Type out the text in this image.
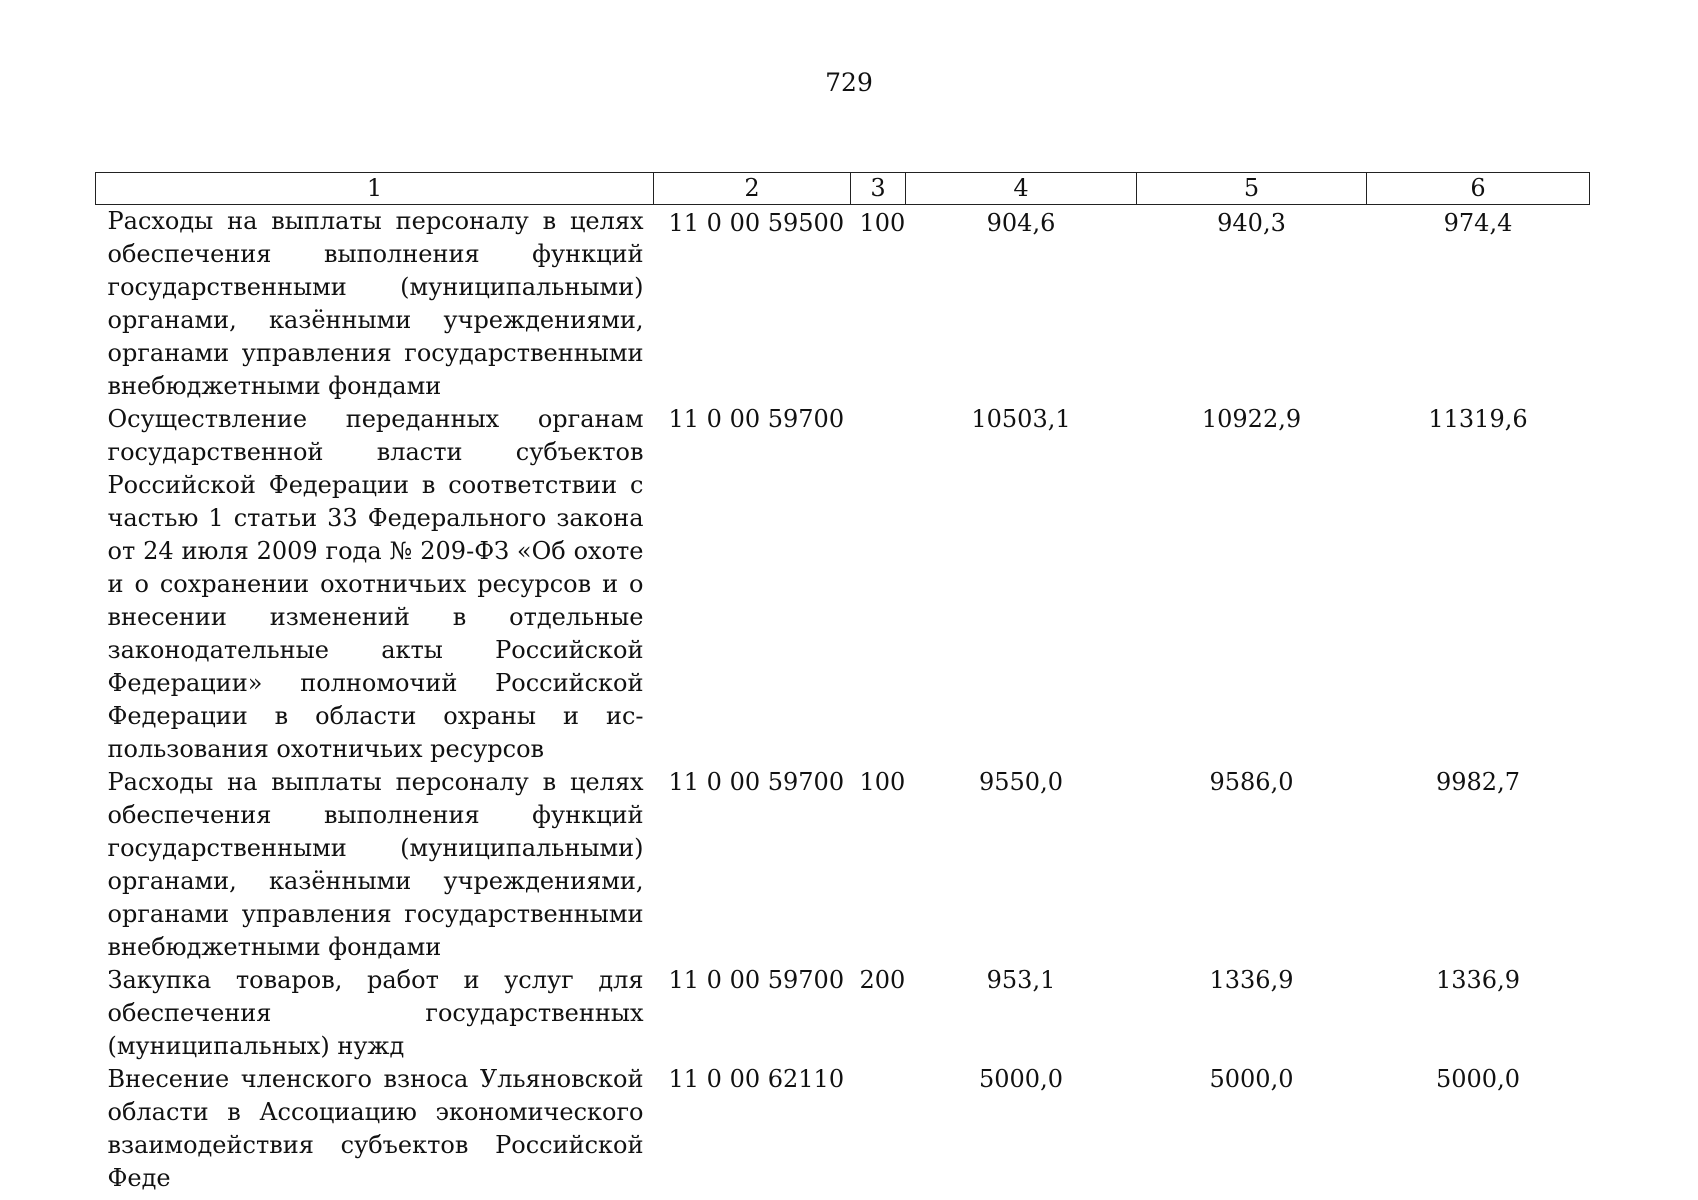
729
1	2	3	4	5	6
Расходы на выплаты персоналу в целях обеспечения выполнения функций государственными (муниципальными) органами, казёнными учреждениями, органами управления государственными внебюджетными фондами	11 0 00 59500	100	904,6	940,3	974,4
Осуществление переданных органам государственной власти субъектов Российской Федерации в соответствии с частью 1 статьи 33 Федерального закона от 24 июля 2009 года № 209-ФЗ «Об охоте и о сохранении охотничьих ресурсов и о внесении изменений в отдельные законодательные акты Российской Федерации» полномочий Российской Федерации в области охраны и использования охотничьих ресурсов	11 0 00 59700		10503,1	10922,9	11319,6
Расходы на выплаты персоналу в целях обеспечения выполнения функций государственными (муниципальными) органами, казёнными учреждениями, органами управления государственными внебюджетными фондами	11 0 00 59700	100	9550,0	9586,0	9982,7
Закупка товаров, работ и услуг для обеспечения государственных (муниципальных) нужд	11 0 00 59700	200	953,1	1336,9	1336,9
Внесение членского взноса Ульяновской области в Ассоциацию экономического взаимодействия субъектов Российской Феде	11 0 00 62110		5000,0	5000,0	5000,0
